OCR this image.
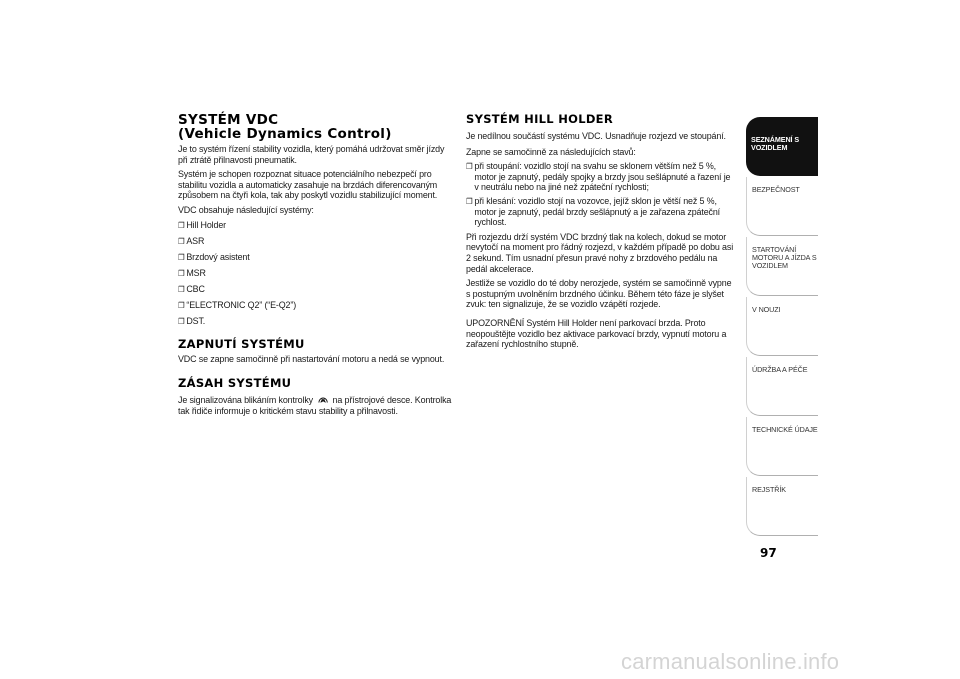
SYSTÉM VDC
(Vehicle Dynamics Control)
Je to systém řízení stability vozidla, který pomáhá udržovat směr jízdy při ztrátě přilnavosti pneumatik.
Systém je schopen rozpoznat situace potenciálního nebezpečí pro stabilitu vozidla a automaticky zasahuje na brzdách diferencovaným způsobem na čtyři kola, tak aby poskytl vozidlu stabilizující moment.
VDC obsahuje následující systémy:
❐ Hill Holder
❐ ASR
❐ Brzdový asistent
❐ MSR
❐ CBC
❐ “ELECTRONIC Q2” (“E-Q2”)
❐ DST.
ZAPNUTÍ SYSTÉMU
VDC se zapne samočinně při nastartování motoru a nedá se vypnout.
ZÁSAH SYSTÉMU
Je signalizována blikáním kontrolky na přístrojové desce. Kontrolka tak řidiče informuje o kritickém stavu stability a přilnavosti.
SYSTÉM HILL HOLDER
Je nedílnou součástí systému VDC. Usnadňuje rozjezd ve stoupání.
Zapne se samočinně za následujících stavů:
❐ při stoupání: vozidlo stojí na svahu se sklonem větším než 5 %, motor je zapnutý, pedály spojky a brzdy jsou sešlápnuté a řazení je v neutrálu nebo na jiné než zpáteční rychlosti;
❐ při klesání: vozidlo stojí na vozovce, jejíž sklon je větší než 5 %, motor je zapnutý, pedál brzdy sešlápnutý a je zařazena zpáteční rychlost.
Při rozjezdu drží systém VDC brzdný tlak na kolech, dokud se motor nevytočí na moment pro řádný rozjezd, v každém případě po dobu asi 2 sekund. Tím usnadní přesun pravé nohy z brzdového pedálu na pedál akcelerace.
Jestliže se vozidlo do té doby nerozjede, systém se samočinně vypne s postupným uvolněním brzdného účinku. Během této fáze je slyšet zvuk: ten signalizuje, že se vozidlo vzápětí rozjede.
UPOZORNĚNÍ Systém Hill Holder není parkovací brzda. Proto neopouštějte vozidlo bez aktivace parkovací brzdy, vypnutí motoru a zařazení rychlostního stupně.
SEZNÁMENÍ S VOZIDLEM
BEZPEČNOST
STARTOVÁNÍ MOTORU A JÍZDA S VOZIDLEM
V NOUZI
ÚDRŽBA A PÉČE
TECHNICKÉ ÚDAJE
REJSTŘÍK
97
carmanualsonline.info
